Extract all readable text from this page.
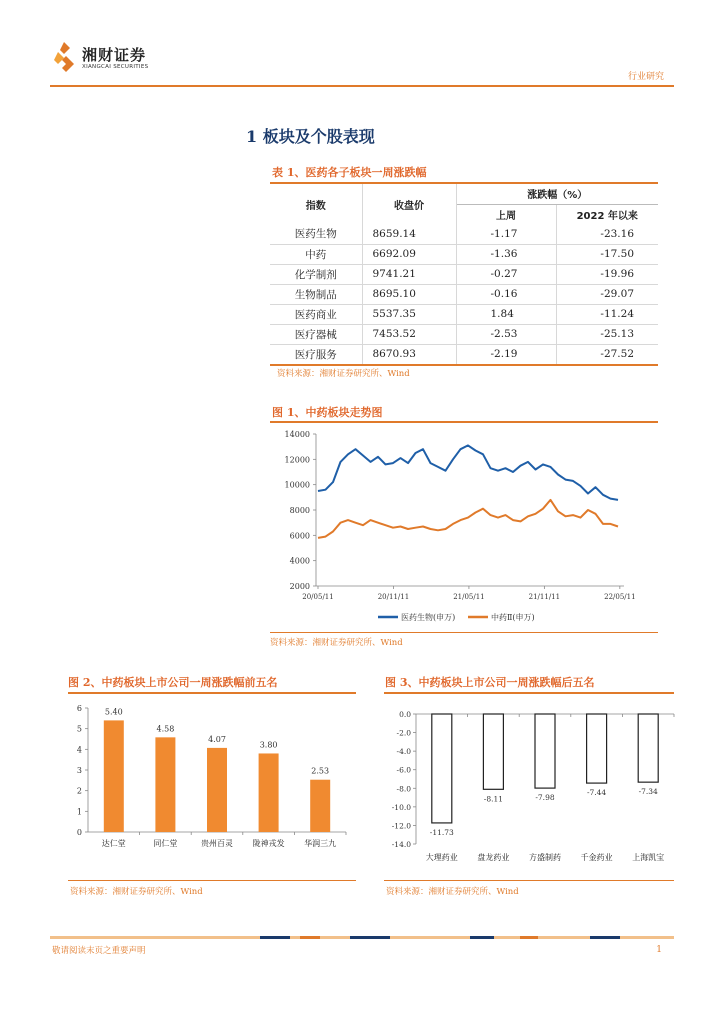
湘财证券
XIANGCAI SECURITIES
行业研究
1 板块及个股表现
表 1、医药各子板块一周涨跌幅
指数	收盘价	涨跌幅（%）	
		上周	2022 年以来
医药生物	8659.14	-1.17	-23.16
中药	6692.09	-1.36	-17.50
化学制剂	9741.21	-0.27	-19.96
生物制品	8695.10	-0.16	-29.07
医药商业	5537.35	1.84	-11.24
医疗器械	7453.52	-2.53	-25.13
医疗服务	8670.93	-2.19	-27.52
资料来源：湘财证券研究所、Wind
图 1、中药板块走势图
2000
4000
6000
8000
10000
12000
14000
20/05/11	20/11/11	21/05/11	21/11/11	22/05/11
医药生物(申万)	中药Ⅱ(申万)
资料来源：湘财证券研究所、Wind
图 2、中药板块上市公司一周涨跌幅前五名
0
1
2
3
4
5
6	5.40
达仁堂
4.58
同仁堂
4.07
贵州百灵
3.80
陇神戎发
2.53
华润三九
资料来源：湘财证券研究所、Wind
图 3、中药板块上市公司一周涨跌幅后五名
0.0
-2.0
-4.0
-6.0
-8.0
-10.0
-12.0
-14.0
-11.73
大理药业
-8.11
盘龙药业
-7.98
方盛制药
-7.44
千金药业
-7.34
上海凯宝
资料来源：湘财证券研究所、Wind
敬请阅读末页之重要声明	1
